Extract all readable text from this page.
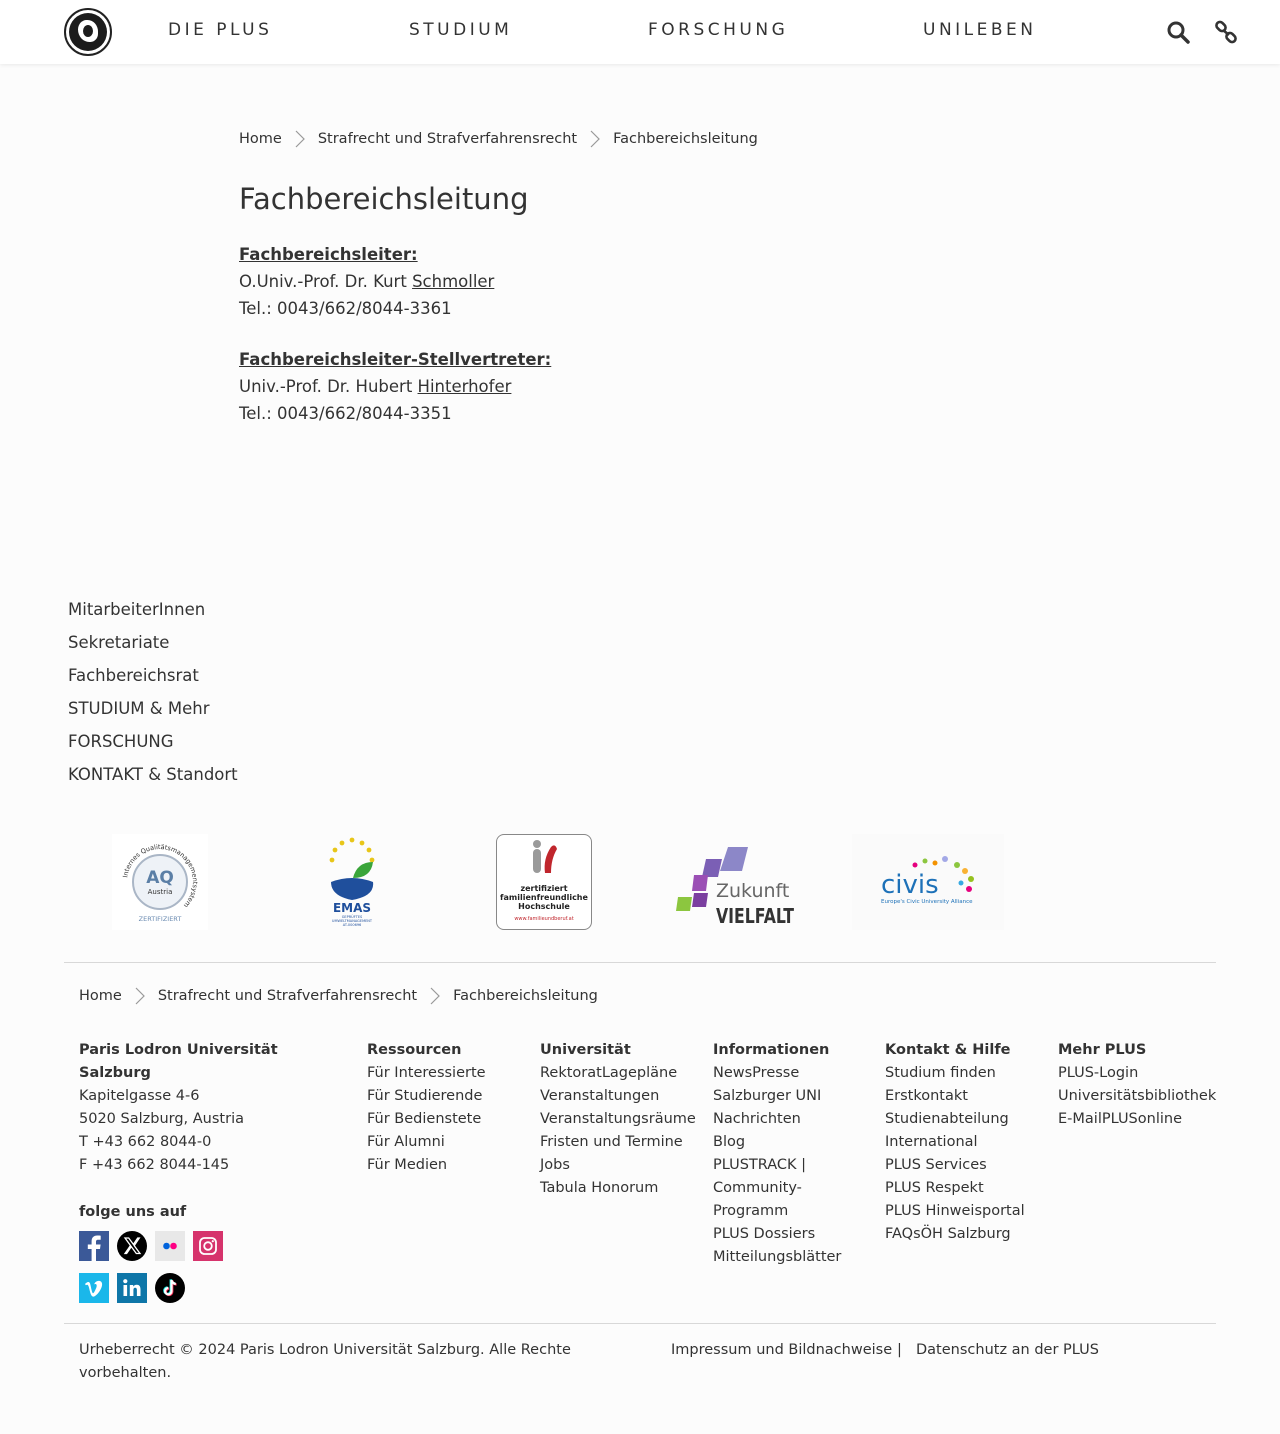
DIE PLUS	STUDIUM	FORSCHUNG	UNILEBEN
Home Strafrecht und Strafverfahrensrecht Fachbereichsleitung
Fachbereichsleitung
Fachbereichsleiter:
O.Univ.-Prof. Dr. Kurt Schmoller
Tel.: 0043/662/8044-3361
Fachbereichsleiter-Stellvertreter:
Univ.-Prof. Dr. Hubert Hinterhofer
Tel.: 0043/662/8044-3351
MitarbeiterInnen
Sekretariate
Fachbereichsrat
STUDIUM & Mehr
FORSCHUNG
KONTAKT & Standort
Internes Qualitätsmanagementsystem
AQ
Austria
ZERTIFIZIERT
EMAS
GEPRÜFTES
UMWELTMANAGEMENT
AT-000696
zertifiziert
familienfreundliche
Hochschule
www.familieundberuf.at
Zukunft
VIELFALT
civis
Europe's Civic University Alliance
Home Strafrecht und Strafverfahrensrecht Fachbereichsleitung
Paris Lodron Universität
Salzburg
Kapitelgasse 4-6
5020 Salzburg, Austria
T +43 662 8044-0
F +43 662 8044-145
folge uns auf
Ressourcen
Für Interessierte
Für Studierende
Für Bedienstete
Für Alumni
Für Medien
Universität
RektoratLagepläne
Veranstaltungen
Veranstaltungsräume
Fristen und Termine
Jobs
Tabula Honorum
Informationen
NewsPresse
Salzburger UNI
Nachrichten
Blog
PLUSTRACK |
Community-
Programm
PLUS Dossiers
Mitteilungsblätter
Kontakt & Hilfe
Studium finden
Erstkontakt
Studienabteilung
International
PLUS Services
PLUS Respekt
PLUS Hinweisportal
FAQsÖH Salzburg
Mehr PLUS
PLUS-Login
Universitätsbibliothek
E-MailPLUSonline
Urheberrecht © 2024 Paris Lodron Universität Salzburg. Alle Rechte
vorbehalten.
Impressum und Bildnachweise | Datenschutz an der PLUS
